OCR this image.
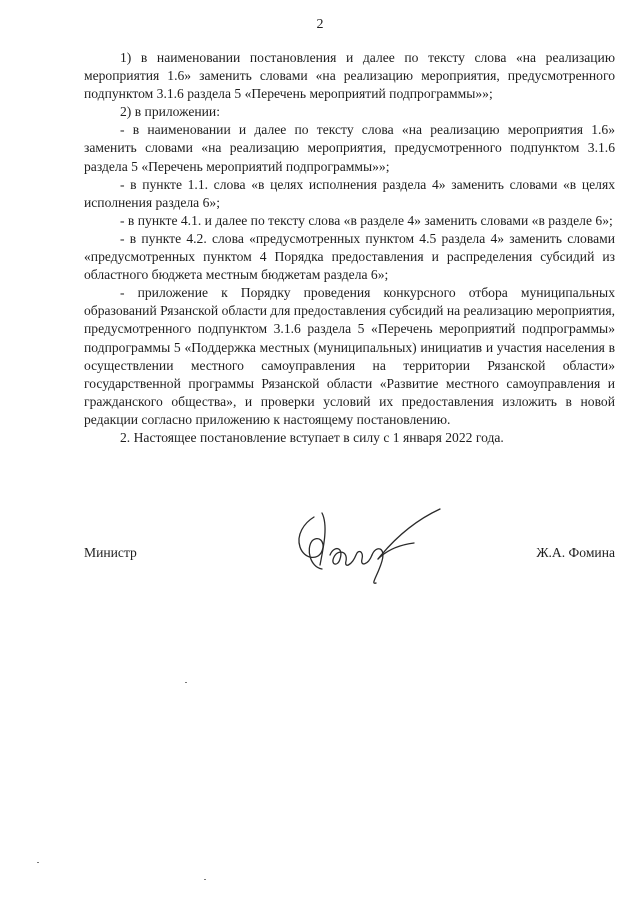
2

1) в наименовании постановления и далее по тексту слова «на реализацию мероприятия 1.6» заменить словами «на реализацию мероприятия, предусмотренного подпунктом 3.1.6 раздела 5 «Перечень мероприятий подпрограммы»»;

2) в приложении:

- в наименовании и далее по тексту слова «на реализацию мероприятия 1.6» заменить словами «на реализацию мероприятия, предусмотренного подпунктом 3.1.6 раздела 5 «Перечень мероприятий подпрограммы»»;

- в пункте 1.1. слова «в целях исполнения раздела 4» заменить словами «в целях исполнения раздела 6»;

- в пункте 4.1. и далее по тексту слова «в разделе 4» заменить словами «в разделе 6»;

- в пункте 4.2. слова «предусмотренных пунктом 4.5 раздела 4» заменить словами «предусмотренных пунктом 4 Порядка предоставления и распределения субсидий из областного бюджета местным бюджетам раздела 6»;

- приложение к Порядку проведения конкурсного отбора муниципальных образований Рязанской области для предоставления субсидий на реализацию мероприятия, предусмотренного подпунктом 3.1.6 раздела 5 «Перечень мероприятий подпрограммы» подпрограммы 5 «Поддержка местных (муниципальных) инициатив и участия населения в осуществлении местного самоуправления на территории Рязанской области» государственной программы Рязанской области «Развитие местного самоуправления и гражданского общества», и проверки условий их предоставления изложить в новой редакции согласно приложению к настоящему постановлению.

2. Настоящее постановление вступает в силу с 1 января 2022 года.

Министр	Ж.А. Фомина
